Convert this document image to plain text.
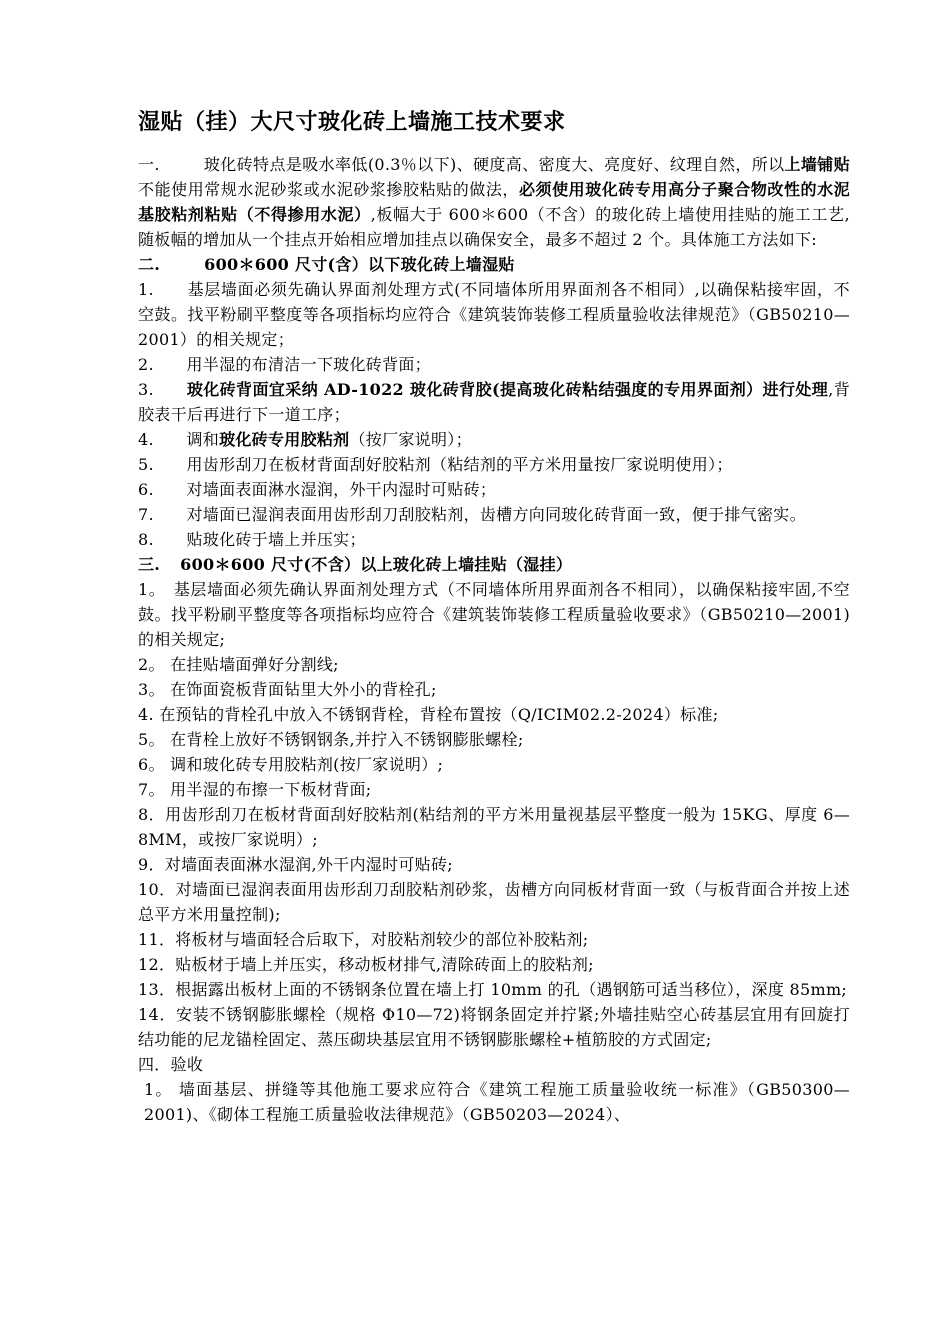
湿贴（挂）大尺寸玻化砖上墙施工技术要求

一.	玻化砖特点是吸水率低(0.3％以下)、硬度高、密度大、亮度好、纹理自然，所以上墙铺贴不能使用常规水泥砂浆或水泥砂浆掺胶粘贴的做法，必须使用玻化砖专用高分子聚合物改性的水泥基胶粘剂粘贴（不得掺用水泥）,板幅大于 600＊600（不含）的玻化砖上墙使用挂贴的施工工艺,随板幅的增加从一个挂点开始相应增加挂点以确保安全，最多不超过 2 个。具体施工方法如下:

二.	600＊600 尺寸(含）以下玻化砖上墙湿贴

1.　　基层墙面必须先确认界面剂处理方式(不同墙体所用界面剂各不相同）,以确保粘接牢固，不空鼓。找平粉刷平整度等各项指标均应符合《建筑装饰装修工程质量验收法律规范》（GB50210—2001）的相关规定；

2.　　用半湿的布清洁一下玻化砖背面；

3.　　玻化砖背面宜采纳 AD-1022 玻化砖背胶(提高玻化砖粘结强度的专用界面剂）进行处理,背胶表干后再进行下一道工序；

4.　　调和玻化砖专用胶粘剂（按厂家说明）；

5.　　用齿形刮刀在板材背面刮好胶粘剂（粘结剂的平方米用量按厂家说明使用）；

6.　　对墙面表面淋水湿润，外干内湿时可贴砖；

7.　　对墙面已湿润表面用齿形刮刀刮胶粘剂，齿槽方向同玻化砖背面一致，便于排气密实。

8.　　贴玻化砖于墙上并压实；

三. 600＊600 尺寸(不含）以上玻化砖上墙挂贴（湿挂）

1。　基层墙面必须先确认界面剂处理方式（不同墙体所用界面剂各不相同），以确保粘接牢固,不空鼓。找平粉刷平整度等各项指标均应符合《建筑装饰装修工程质量验收要求》（GB50210—2001)的相关规定;

2。 在挂贴墙面弹好分割线;

3。 在饰面瓷板背面钻里大外小的背栓孔;

4. 在预钻的背栓孔中放入不锈钢背栓，背栓布置按（Q/ICIM02.2-2024）标准;

5。 在背栓上放好不锈钢钢条,并拧入不锈钢膨胀螺栓;

6。 调和玻化砖专用胶粘剂(按厂家说明）;

7。 用半湿的布擦一下板材背面;

8．用齿形刮刀在板材背面刮好胶粘剂(粘结剂的平方米用量视基层平整度一般为 15KG、厚度 6—8MM，或按厂家说明）;

9．对墙面表面淋水湿润,外干内湿时可贴砖;

10．对墙面已湿润表面用齿形刮刀刮胶粘剂砂浆，齿槽方向同板材背面一致（与板背面合并按上述总平方米用量控制);

11．将板材与墙面轻合后取下，对胶粘剂较少的部位补胶粘剂;

12．贴板材于墙上并压实，移动板材排气,清除砖面上的胶粘剂;

13．根据露出板材上面的不锈钢条位置在墙上打 10mm 的孔（遇钢筋可适当移位），深度 85mm;

14．安装不锈钢膨胀螺栓（规格 Φ10—72)将钢条固定并拧紧;外墙挂贴空心砖基层宜用有回旋打结功能的尼龙锚栓固定、蒸压砌块基层宜用不锈钢膨胀螺栓+植筋胶的方式固定;

四．验收

1。 墙面基层、拼缝等其他施工要求应符合《建筑工程施工质量验收统一标准》（GB50300—2001)、《砌体工程施工质量验收法律规范》（GB50203—2024）、
